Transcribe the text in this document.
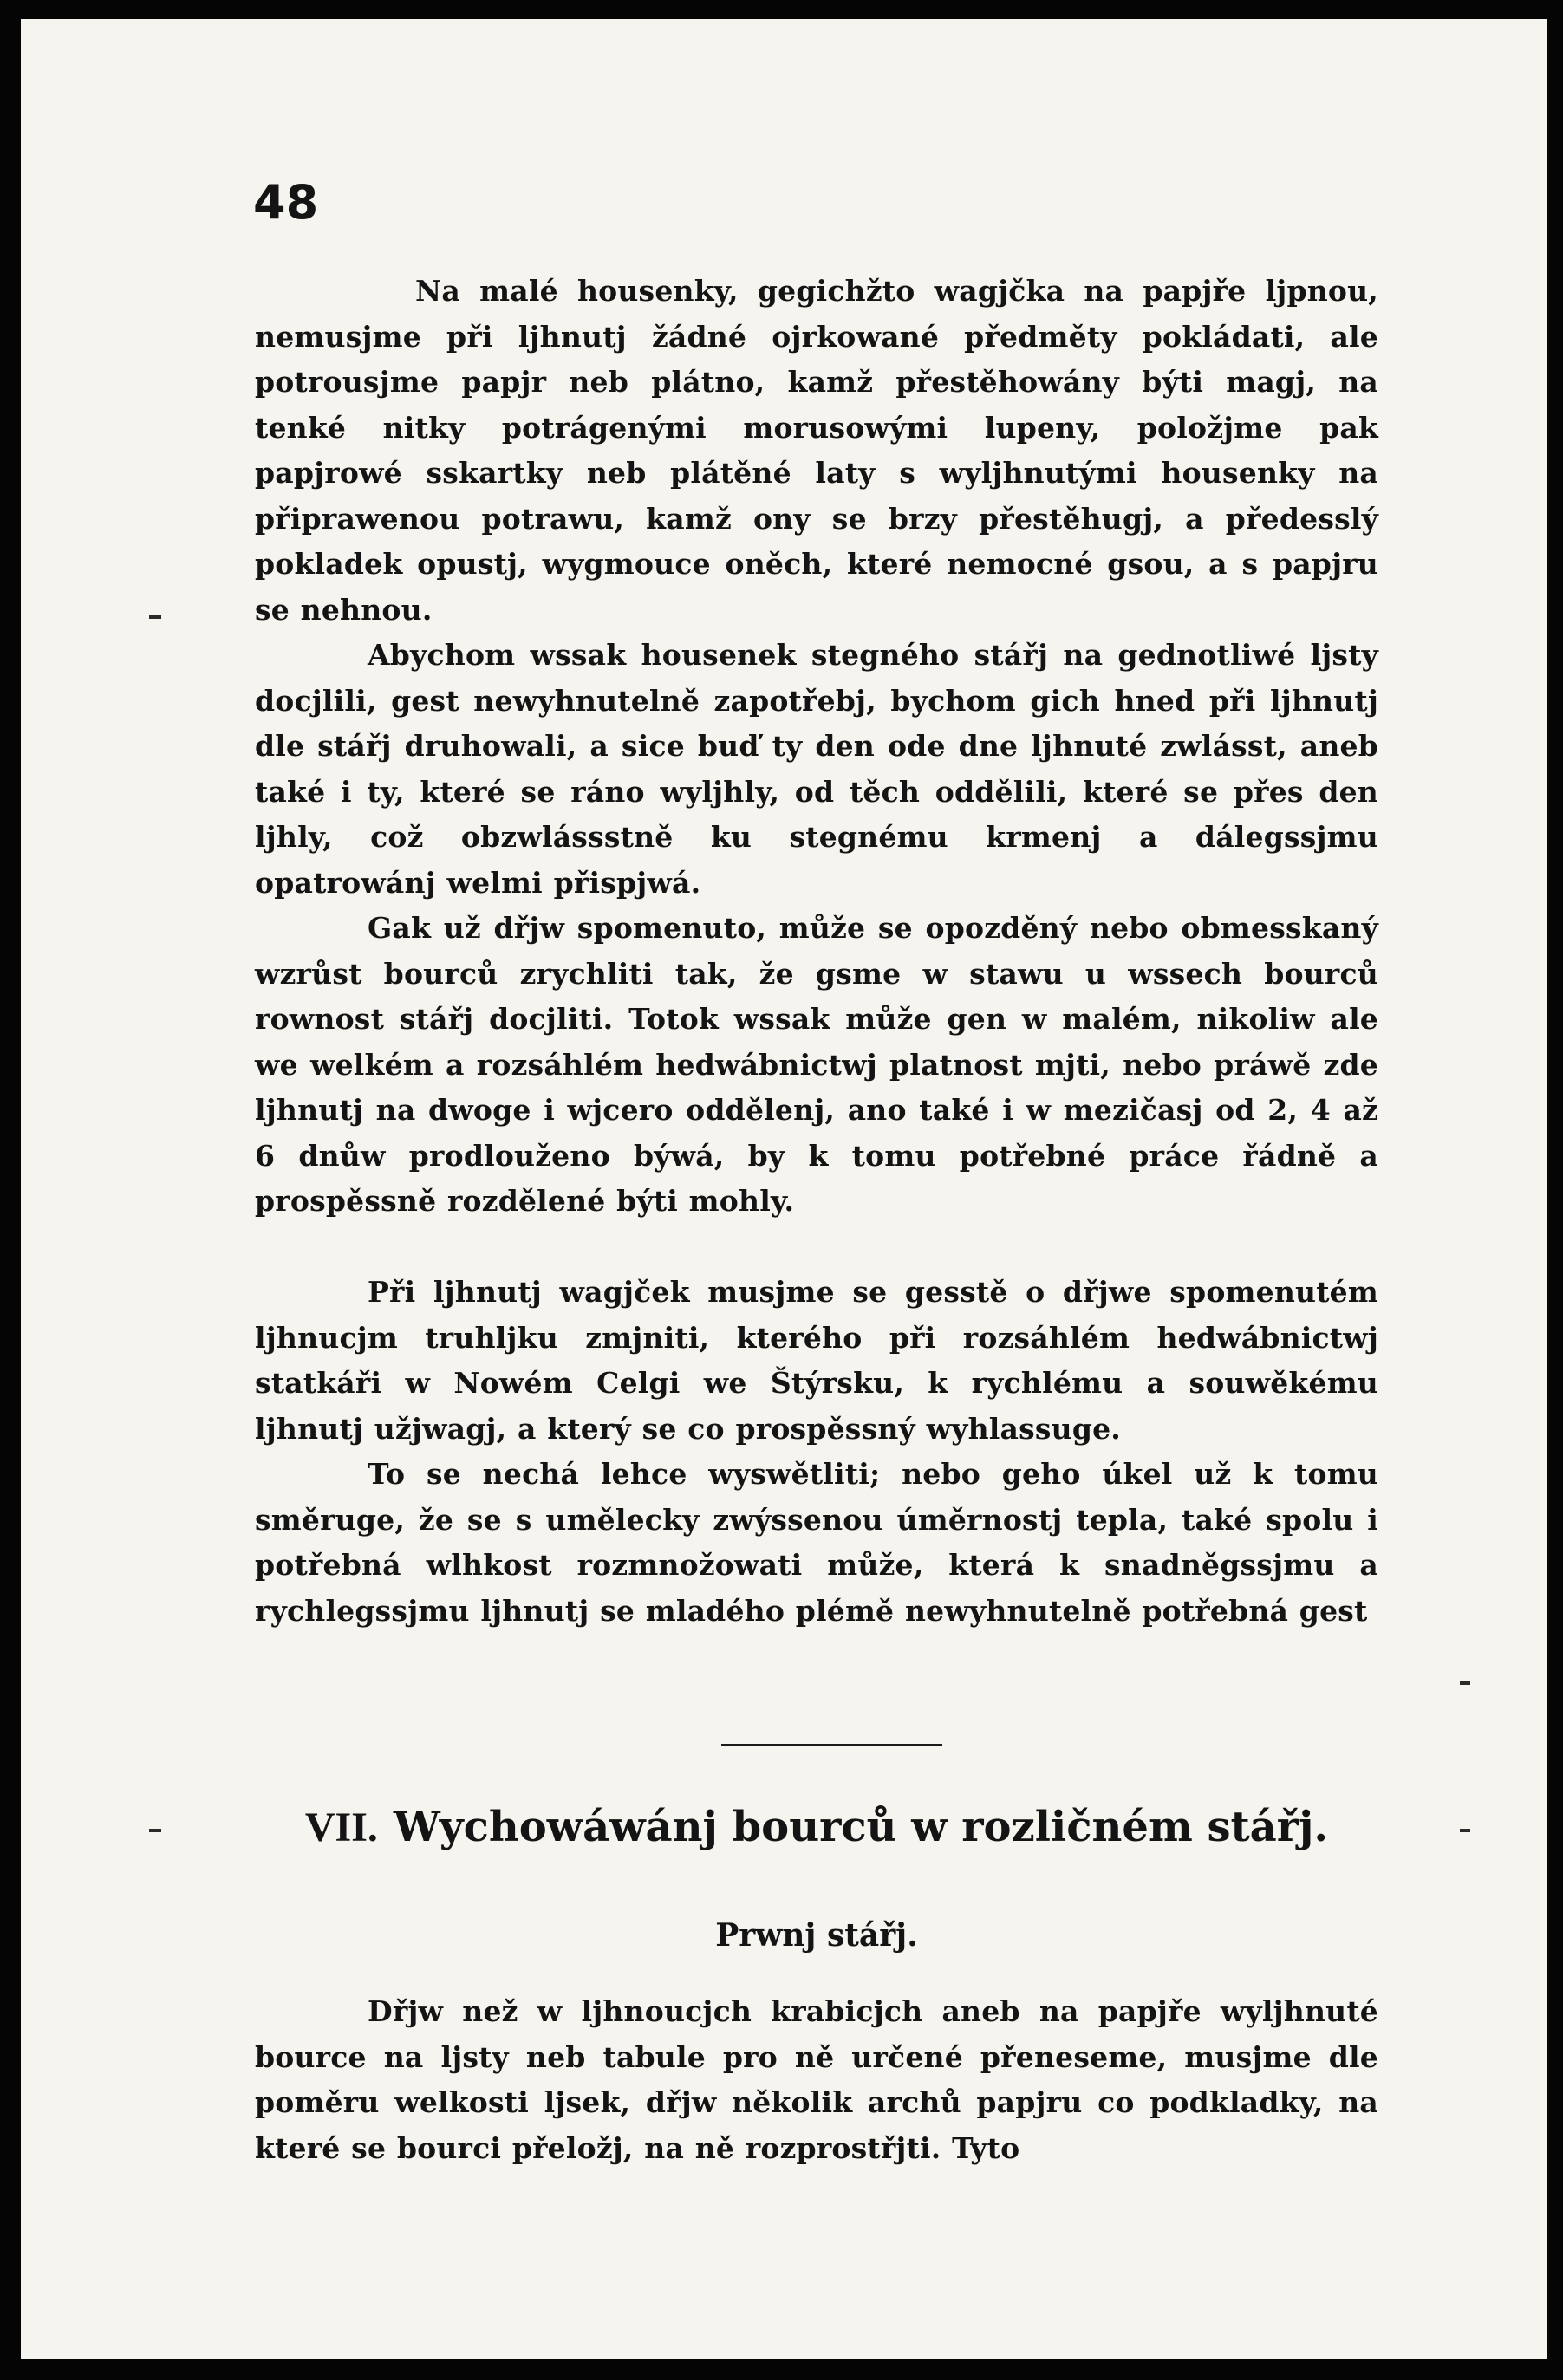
48
Na malé housenky, gegichžto wagjčka na papjře ljpnou, nemusjme při ljhnutj žádné ojrkowané předměty pokládati, ale potrousjme papjr neb plátno, kamž přestěhowány býti magj, na tenké nitky potrágenými morusowými lupeny, položjme pak papjrowé sskartky neb plátěné laty s wyljhnutými housenky na připrawenou potrawu, kamž ony se brzy přestěhugj, a předesslý pokladek opustj, wygmouce oněch, které nemocné gsou, a s papjru se nehnou.
Abychom wssak housenek stegného stářj na gednotliwé ljsty docjlili, gest newyhnutelně zapotřebj, bychom gich hned při ljhnutj dle stářj druhowali, a sice buď ty den ode dne ljhnuté zwlásst, aneb také i ty, které se ráno wyljhly, od těch oddělili, které se přes den ljhly, což obzwlássstně ku stegnému krmenj a dálegssjmu opatrowánj welmi přispjwá.
Gak už dřjw spomenuto, může se opozděný nebo obmesskaný wzrůst bourců zrychliti tak, že gsme w stawu u wssech bourců rownost stářj docjliti. Totok wssak může gen w malém, nikoliw ale we welkém a rozsáhlém hedwábnictwj platnost mjti, nebo práwě zde ljhnutj na dwoge i wjcero oddělenj, ano také i w mezičasj od 2, 4 až 6 dnůw prodlouženo býwá, by k tomu potřebné práce řádně a prospěssně rozdělené býti mohly.
Při ljhnutj wagjček musjme se gesstě o dřjwe spomenutém ljhnucjm truhljku zmjniti, kterého při rozsáhlém hedwábnictwj statkáři w Nowém Celgi we Štýrsku, k rychlému a souwěkému ljhnutj užjwagj, a který se co prospěssný wyhlassuge.
To se nechá lehce wyswětliti; nebo geho úkel už k tomu směruge, že se s umělecky zwýssenou úměrnostj tepla, také spolu i potřebná wlhkost rozmnožowati může, která k snadněgssjmu a rychlegssjmu ljhnutj se mladého plémě newyhnutelně potřebná gest
VII. Wychowáwánj bourců w rozličném stářj.
Prwnj stářj.
Dřjw než w ljhnoucjch krabicjch aneb na papjře wyljhnuté bource na ljsty neb tabule pro ně určené přeneseme, musjme dle poměru welkosti ljsek, dřjw několik archů papjru co podkladky, na které se bourci přeložj, na ně rozprostřjti. Tyto
